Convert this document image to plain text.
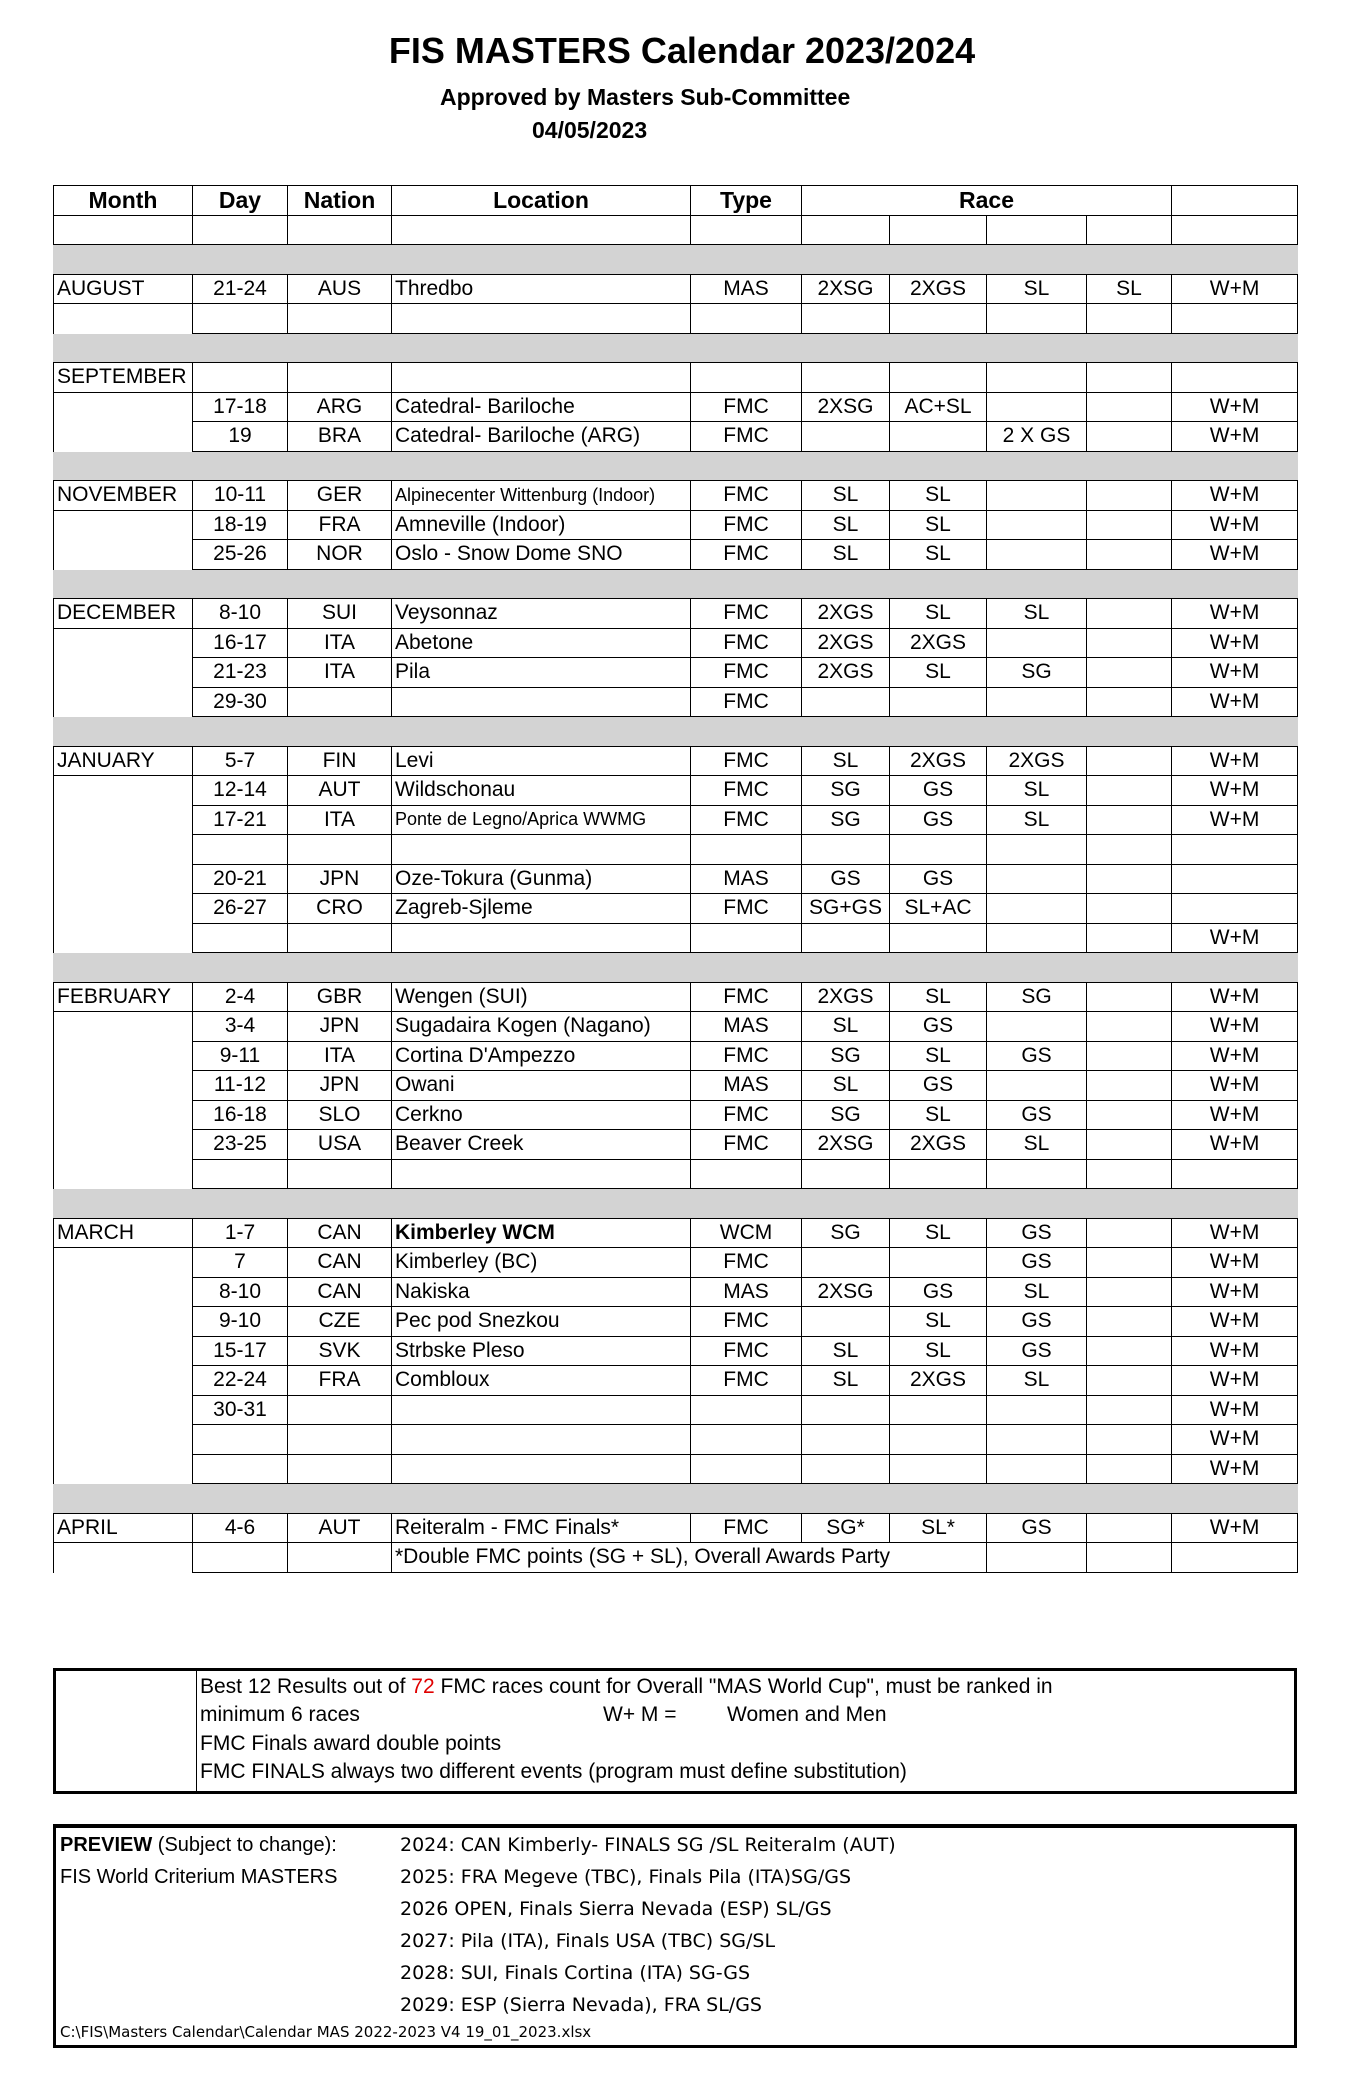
FIS MASTERS Calendar 2023/2024
Approved by Masters Sub-Committee
04/05/2023
Month	Day	Nation	Location	Type	Race				

AUGUST	21-24	AUS	Thredbo	MAS	2XSG	2XGS	SL	SL	W+M

SEPTEMBER									
	17-18	ARG	Catedral- Bariloche	FMC	2XSG	AC+SL			W+M
	19	BRA	Catedral- Bariloche (ARG)	FMC			2 X GS		W+M

NOVEMBER	10-11	GER	Alpinecenter Wittenburg (Indoor)	FMC	SL	SL			W+M
	18-19	FRA	Amneville (Indoor)	FMC	SL	SL			W+M
	25-26	NOR	Oslo - Snow Dome SNO	FMC	SL	SL			W+M

DECEMBER	8-10	SUI	Veysonnaz	FMC	2XGS	SL	SL		W+M
	16-17	ITA	Abetone	FMC	2XGS	2XGS			W+M
	21-23	ITA	Pila	FMC	2XGS	SL	SG		W+M
	29-30			FMC					W+M

JANUARY	5-7	FIN	Levi	FMC	SL	2XGS	2XGS		W+M
	12-14	AUT	Wildschonau	FMC	SG	GS	SL		W+M
	17-21	ITA	Ponte de Legno/Aprica WWMG	FMC	SG	GS	SL		W+M

	20-21	JPN	Oze-Tokura (Gunma)	MAS	GS	GS			
	26-27	CRO	Zagreb-Sjleme	FMC	SG+GS	SL+AC			
									W+M

FEBRUARY	2-4	GBR	Wengen (SUI)	FMC	2XGS	SL	SG		W+M
	3-4	JPN	Sugadaira Kogen (Nagano)	MAS	SL	GS			W+M
	9-11	ITA	Cortina D'Ampezzo	FMC	SG	SL	GS		W+M
	11-12	JPN	Owani	MAS	SL	GS			W+M
	16-18	SLO	Cerkno	FMC	SG	SL	GS		W+M
	23-25	USA	Beaver Creek	FMC	2XSG	2XGS	SL		W+M

MARCH	1-7	CAN	Kimberley WCM	WCM	SG	SL	GS		W+M
	7	CAN	Kimberley (BC)	FMC			GS		W+M
	8-10	CAN	Nakiska	MAS	2XSG	GS	SL		W+M
	9-10	CZE	Pec pod Snezkou	FMC		SL	GS		W+M
	15-17	SVK	Strbske Pleso	FMC	SL	SL	GS		W+M
	22-24	FRA	Combloux	FMC	SL	2XGS	SL		W+M
	30-31								W+M
									W+M
									W+M

APRIL	4-6	AUT	Reiteralm - FMC Finals*	FMC	SG*	SL*	GS		W+M
			*Double FMC points (SG + SL), Overall Awards Party						
Best 12 Results out of 72 FMC races count for Overall "MAS World Cup", must be ranked in
minimum 6 races	W+ M = Women and Men
FMC Finals award double points
FMC FINALS always two different events (program must define substitution)
PREVIEW (Subject to change):
FIS World Criterium MASTERS
2024: CAN Kimberly- FINALS SG /SL Reiteralm (AUT)
2025: FRA Megeve (TBC), Finals Pila (ITA)SG/GS
2026 OPEN, Finals Sierra Nevada (ESP) SL/GS
2027: Pila (ITA), Finals USA (TBC) SG/SL
2028: SUI, Finals Cortina (ITA) SG-GS
2029: ESP (Sierra Nevada), FRA SL/GS
C:\FIS\Masters Calendar\Calendar MAS 2022-2023 V4 19_01_2023.xlsx
